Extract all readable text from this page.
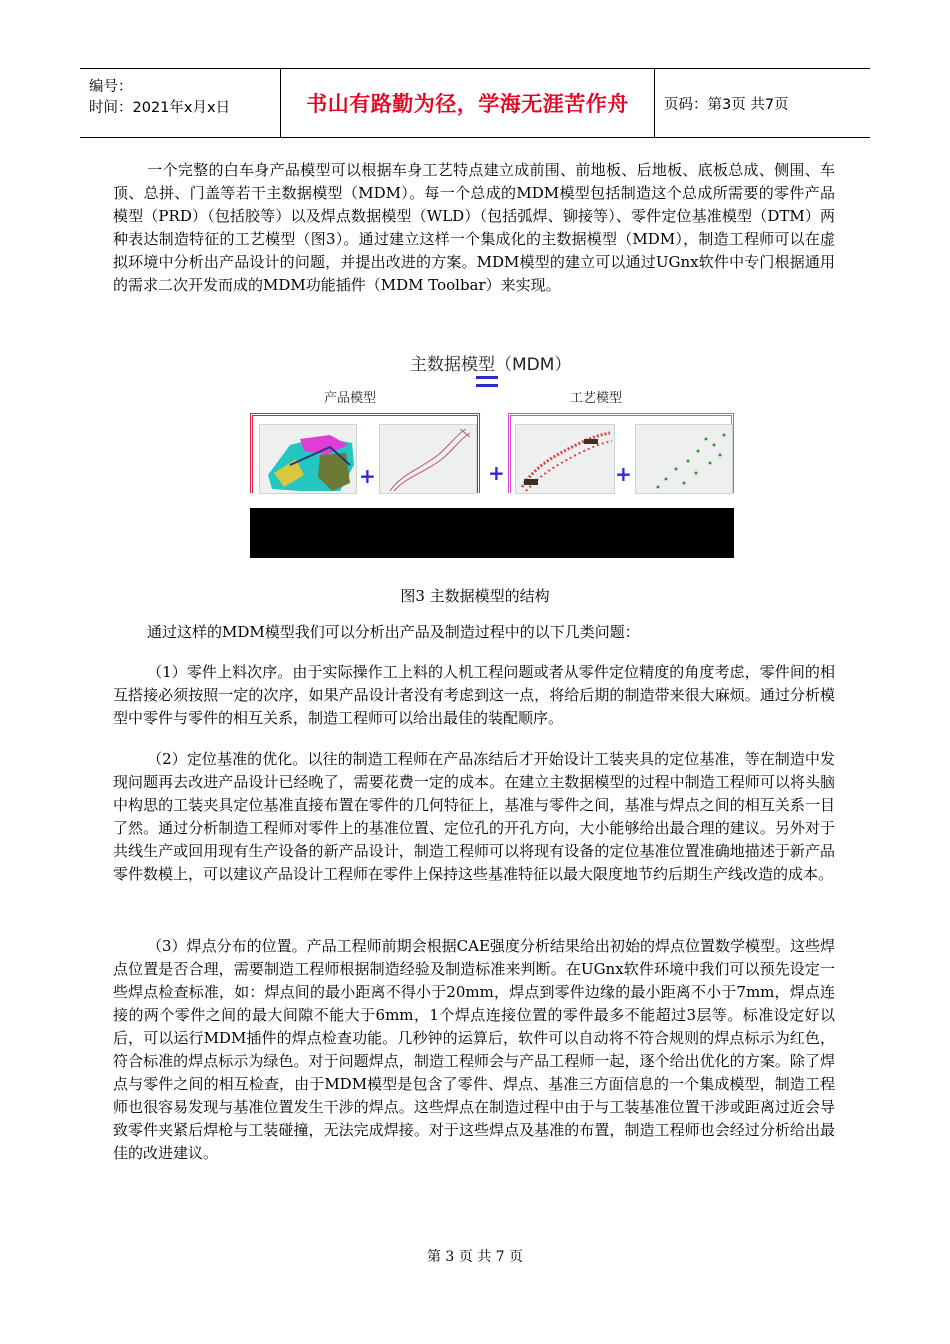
编号：
时间：2021年x月x日	书山有路勤为径，学海无涯苦作舟	页码：第3页 共7页

一个完整的白车身产品模型可以根据车身工艺特点建立成前围、前地板、后地板、底板总成、侧围、车顶、总拼、门盖等若干主数据模型（MDM）。每一个总成的MDM模型包括制造这个总成所需要的零件产品模型（PRD）（包括胶等）以及焊点数据模型（WLD）（包括弧焊、铆接等）、零件定位基准模型（DTM）两种表达制造特征的工艺模型（图3）。通过建立这样一个集成化的主数据模型（MDM），制造工程师可以在虚拟环境中分析出产品设计的问题，并提出改进的方案。MDM模型的建立可以通过UGnx软件中专门根据通用的需求二次开发而成的MDM功能插件（MDM Toolbar）来实现。

主数据模型（MDM）
产品模型	工艺模型
+	+	+
图3 主数据模型的结构

通过这样的MDM模型我们可以分析出产品及制造过程中的以下几类问题：

（1）零件上料次序。由于实际操作工上料的人机工程问题或者从零件定位精度的角度考虑，零件间的相互搭接必须按照一定的次序，如果产品设计者没有考虑到这一点，将给后期的制造带来很大麻烦。通过分析模型中零件与零件的相互关系，制造工程师可以给出最佳的装配顺序。

（2）定位基准的优化。以往的制造工程师在产品冻结后才开始设计工装夹具的定位基准，等在制造中发现问题再去改进产品设计已经晚了，需要花费一定的成本。在建立主数据模型的过程中制造工程师可以将头脑中构思的工装夹具定位基准直接布置在零件的几何特征上，基准与零件之间，基准与焊点之间的相互关系一目了然。通过分析制造工程师对零件上的基准位置、定位孔的开孔方向，大小能够给出最合理的建议。另外对于共线生产或回用现有生产设备的新产品设计，制造工程师可以将现有设备的定位基准位置准确地描述于新产品零件数模上，可以建议产品设计工程师在零件上保持这些基准特征以最大限度地节约后期生产线改造的成本。

（3）焊点分布的位置。产品工程师前期会根据CAE强度分析结果给出初始的焊点位置数学模型。这些焊点位置是否合理，需要制造工程师根据制造经验及制造标准来判断。在UGnx软件环境中我们可以预先设定一些焊点检查标准，如：焊点间的最小距离不得小于20mm，焊点到零件边缘的最小距离不小于7mm，焊点连接的两个零件之间的最大间隙不能大于6mm，1个焊点连接位置的零件最多不能超过3层等。标准设定好以后，可以运行MDM插件的焊点检查功能。几秒钟的运算后，软件可以自动将不符合规则的焊点标示为红色，符合标准的焊点标示为绿色。对于问题焊点，制造工程师会与产品工程师一起，逐个给出优化的方案。除了焊点与零件之间的相互检查，由于MDM模型是包含了零件、焊点、基准三方面信息的一个集成模型，制造工程师也很容易发现与基准位置发生干涉的焊点。这些焊点在制造过程中由于与工装基准位置干涉或距离过近会导致零件夹紧后焊枪与工装碰撞，无法完成焊接。对于这些焊点及基准的布置，制造工程师也会经过分析给出最佳的改进建议。

第 3 页 共 7 页
